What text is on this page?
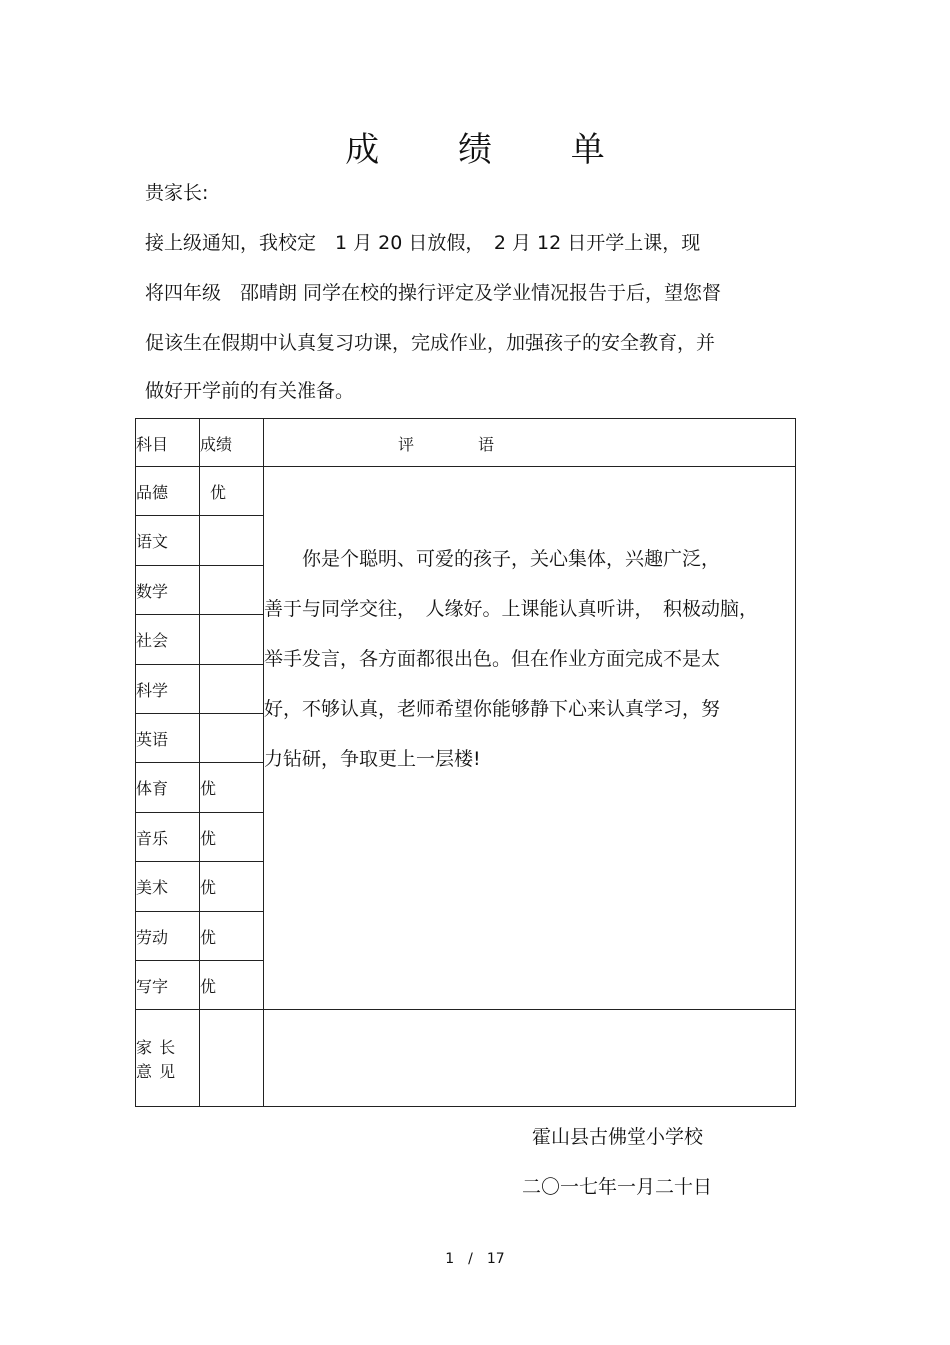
成 绩 单
贵家长:
接上级通知，我校定　1 月 20 日放假，　2 月 12 日开学上课，现
将四年级　邵晴朗 同学在校的操行评定及学业情况报告于后，望您督
促该生在假期中认真复习功课，完成作业，加强孩子的安全教育，并
做好开学前的有关准备。
科目 成绩	评　　　　语
品德	优
语文
数学
社会
科学
英语
体育 优
音乐 优
美术 优
劳动 优
写字 优

　　你是个聪明、可爱的孩子，关心集体，兴趣广泛，

善于与同学交往，　人缘好。上课能认真听讲，　积极动脑，

举手发言，各方面都很出色。但在作业方面完成不是太

好，不够认真，老师希望你能够静下心来认真学习，努

力钻研，争取更上一层楼!

家 长 意 见
霍山县古佛堂小学校
二〇一七年一月二十日
1　/　17
